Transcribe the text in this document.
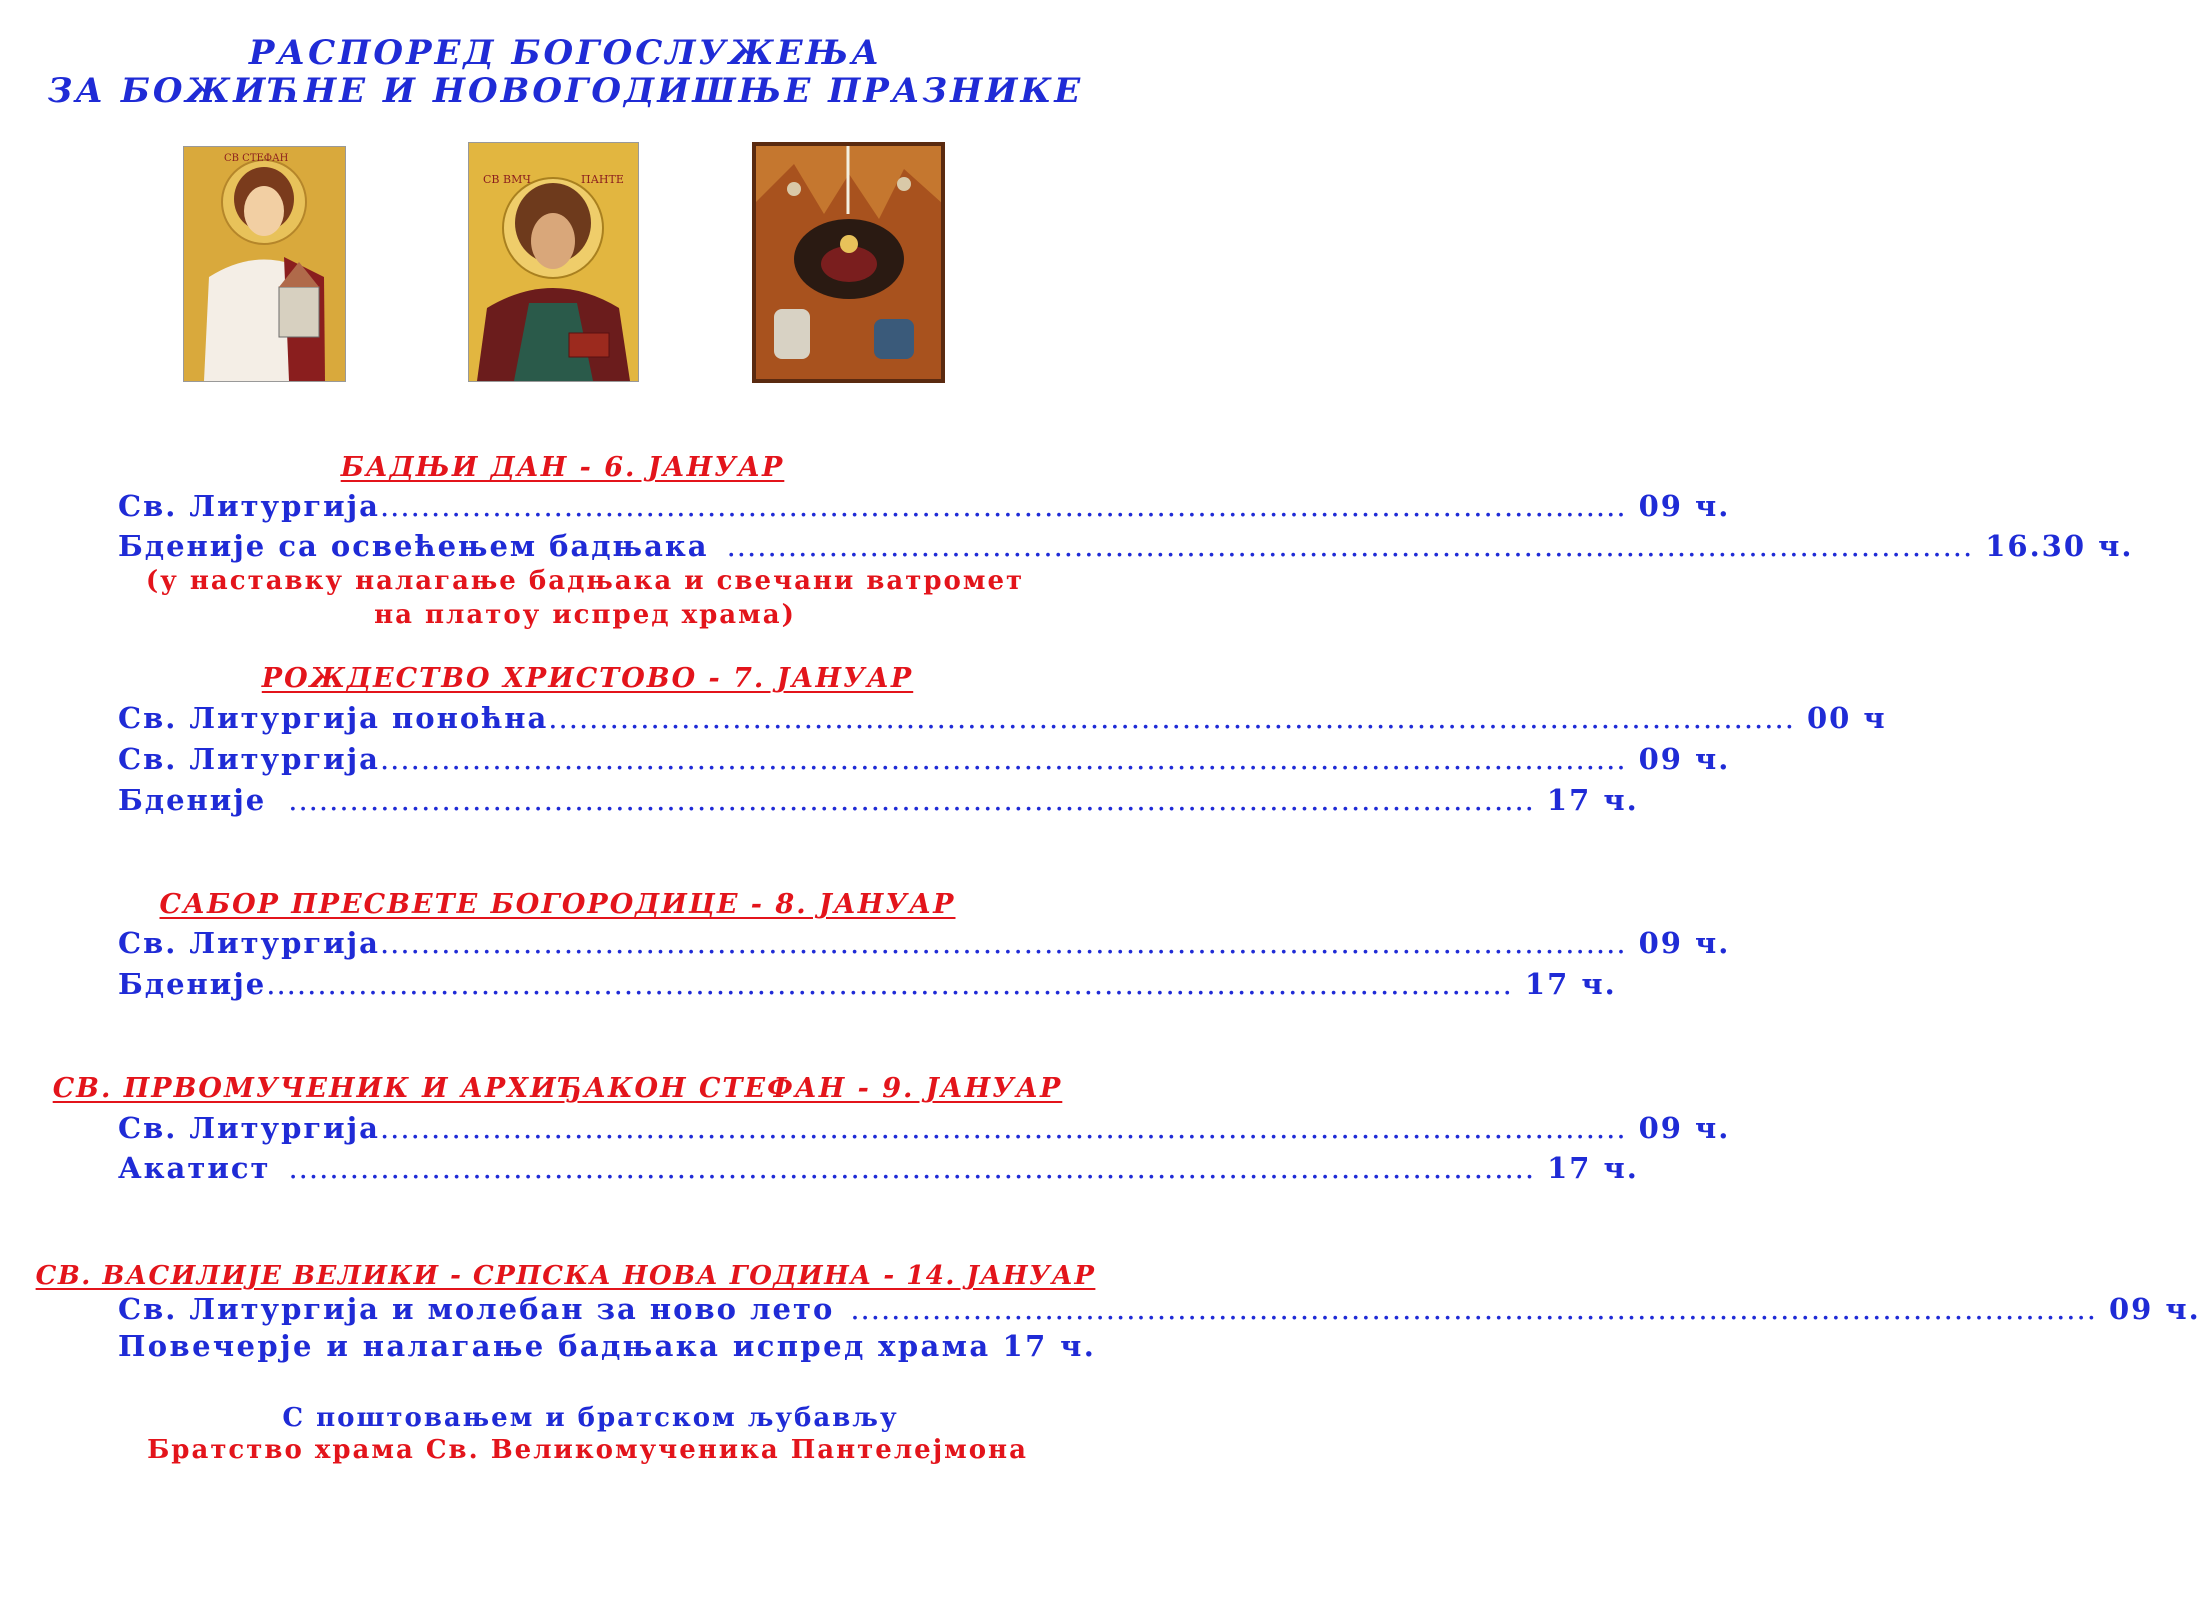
РАСПОРЕД БОГОСЛУЖЕЊА
ЗА БОЖИЋНЕ И НОВОГОДИШЊЕ ПРАЗНИКЕ
СВ СТЕФАН
СВ ВМЧ	ПАНТЕ
БАДЊИ ДАН - 6. ЈАНУАР
Св. Литургија .......................................................................................................................... 09 ч.
Бденије са освећењем бадњака .......................................................................................................................... 16.30 ч.
(у наставку налагање бадњака и свечани ватромет на платоу испред храма)
РОЖДЕСТВО ХРИСТОВО - 7. ЈАНУАР
Св. Литургија поноћна .......................................................................................................................... 00 ч
Св. Литургија .......................................................................................................................... 09 ч.
Бденије .......................................................................................................................... 17 ч.
САБОР ПРЕСВЕТЕ БОГОРОДИЦЕ - 8. ЈАНУАР
Св. Литургија .......................................................................................................................... 09 ч.
Бденије .......................................................................................................................... 17 ч.
СВ. ПРВОМУЧЕНИК И АРХИЂАКОН СТЕФАН - 9. ЈАНУАР
Св. Литургија .......................................................................................................................... 09 ч.
Акатист .......................................................................................................................... 17 ч.
СВ. ВАСИЛИЈЕ ВЕЛИКИ - СРПСКА НОВА ГОДИНА - 14. ЈАНУАР
Св. Литургија и молебан за ново лето .......................................................................................................................... 09 ч.
Повечерје и налагање бадњака испред храма 17 ч.
С поштовањем и братском љубављу
Братство храма Св. Великомученика Пантелејмона
